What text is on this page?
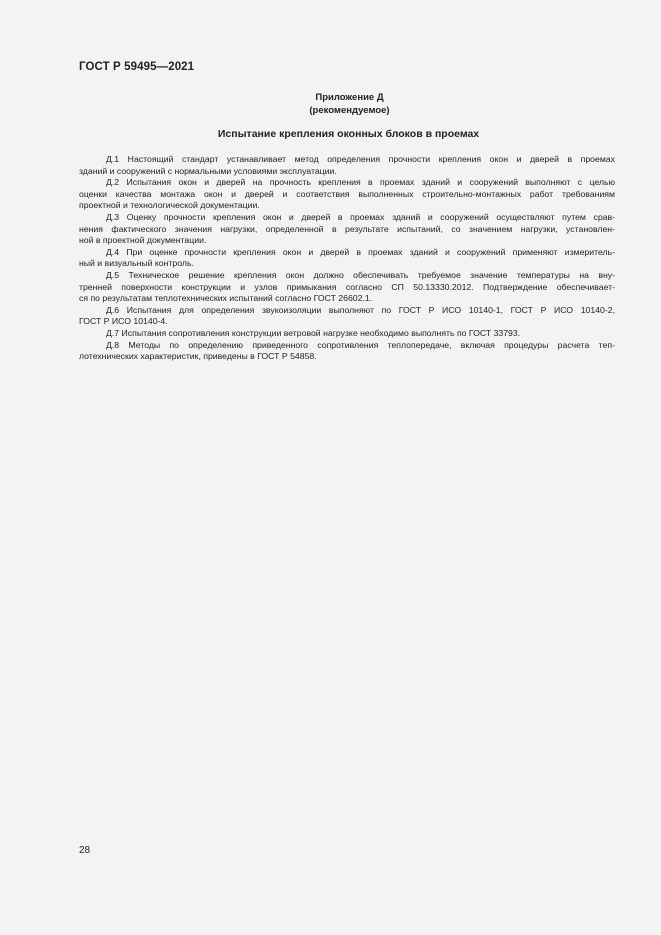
ГОСТ Р 59495—2021
Приложение Д
(рекомендуемое)
Испытание крепления оконных блоков в проемах
Д.1 Настоящий стандарт устанавливает метод определения прочности крепления окон и дверей в проемах
зданий и сооружений с нормальными условиями эксплуатации.
Д.2 Испытания окон и дверей на прочность крепления в проемах зданий и сооружений выполняют с целью
оценки качества монтажа окон и дверей и соответствия выполненных строительно-монтажных работ требованиям
проектной и технологической документации.
Д.3 Оценку прочности крепления окон и дверей в проемах зданий и сооружений осуществляют путем срав-
нения фактического значения нагрузки, определенной в результате испытаний, со значением нагрузки, установлен-
ной в проектной документации.
Д.4 При оценке прочности крепления окон и дверей в проемах зданий и сооружений применяют измеритель-
ный и визуальный контроль.
Д.5 Техническое решение крепления окон должно обеспечивать требуемое значение температуры на вну-
тренней поверхности конструкции и узлов примыкания согласно СП 50.13330.2012. Подтверждение обеспечивает-
ся по результатам теплотехнических испытаний согласно ГОСТ 26602.1.
Д.6 Испытания для определения звукоизоляции выполняют по ГОСТ Р ИСО 10140-1, ГОСТ Р ИСО 10140-2,
ГОСТ Р ИСО 10140-4.
Д.7 Испытания сопротивления конструкции ветровой нагрузке необходимо выполнять по ГОСТ 33793.
Д.8 Методы по определению приведенного сопротивления теплопередаче, включая процедуры расчета теп-
лотехнических характеристик, приведены в ГОСТ Р 54858.
28
